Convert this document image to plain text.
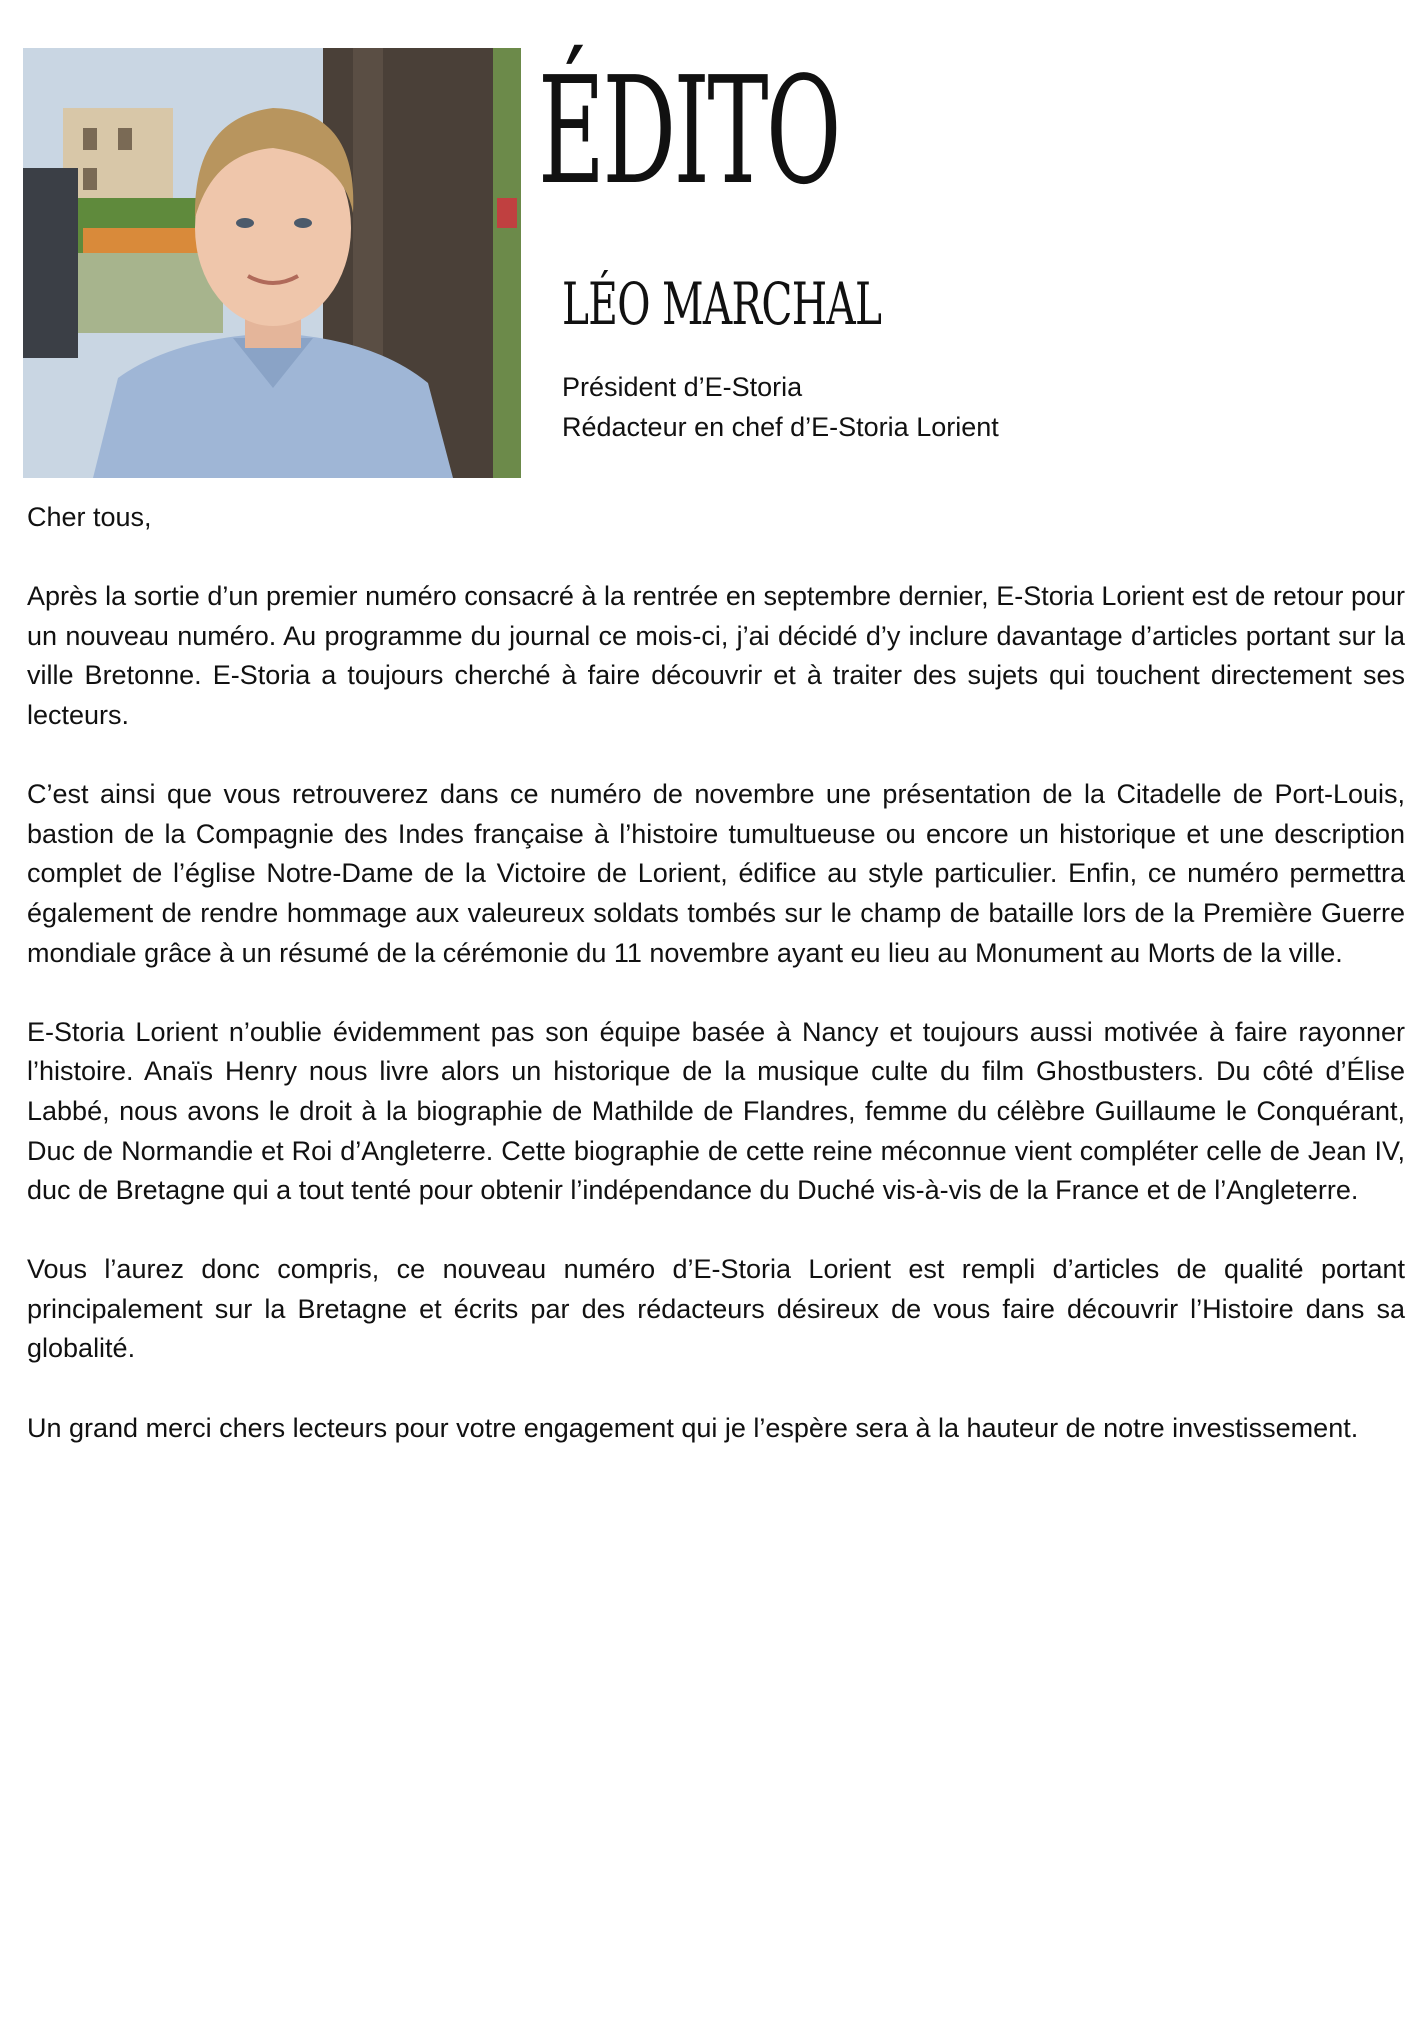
ÉDITO
LÉO MARCHAL
Président d’E-Storia
Rédacteur en chef d’E-Storia Lorient

Cher tous,

Après la sortie d’un premier numéro consacré à la rentrée en septembre dernier, E-Storia Lorient est de retour pour un nouveau numéro. Au programme du journal ce mois-ci, j’ai décidé d’y inclure davantage d’articles portant sur la ville Bretonne. E-Storia a toujours cherché à faire découvrir et à traiter des sujets qui touchent directement ses lecteurs.

C’est ainsi que vous retrouverez dans ce numéro de novembre une présentation de la Citadelle de Port-Louis, bastion de la Compagnie des Indes française à l’histoire tumultueuse ou encore un historique et une description complet de l’église Notre-Dame de la Victoire de Lorient, édifice au style particulier. Enfin, ce numéro permettra également de rendre hommage aux valeureux soldats tombés sur le champ de bataille lors de la Première Guerre mondiale grâce à un résumé de la cérémonie du 11 novembre ayant eu lieu au Monument au Morts de la ville.

E-Storia Lorient n’oublie évidemment pas son équipe basée à Nancy et toujours aussi motivée à faire rayonner l’histoire. Anaïs Henry nous livre alors un historique de la musique culte du film Ghostbusters. Du côté d’Élise Labbé, nous avons le droit à la biographie de Mathilde de Flandres, femme du célèbre Guillaume le Conquérant, Duc de Normandie et Roi d’Angleterre. Cette biographie de cette reine méconnue vient compléter celle de Jean IV, duc de Bretagne qui a tout tenté pour obtenir l’indépendance du Duché vis-à-vis de la France et de l’Angleterre.

Vous l’aurez donc compris, ce nouveau numéro d’E-Storia Lorient est rempli d’articles de qualité portant principalement sur la Bretagne et écrits par des rédacteurs désireux de vous faire découvrir l’Histoire dans sa globalité.

Un grand merci chers lecteurs pour votre engagement qui je l’espère sera à la hauteur de notre investissement.
